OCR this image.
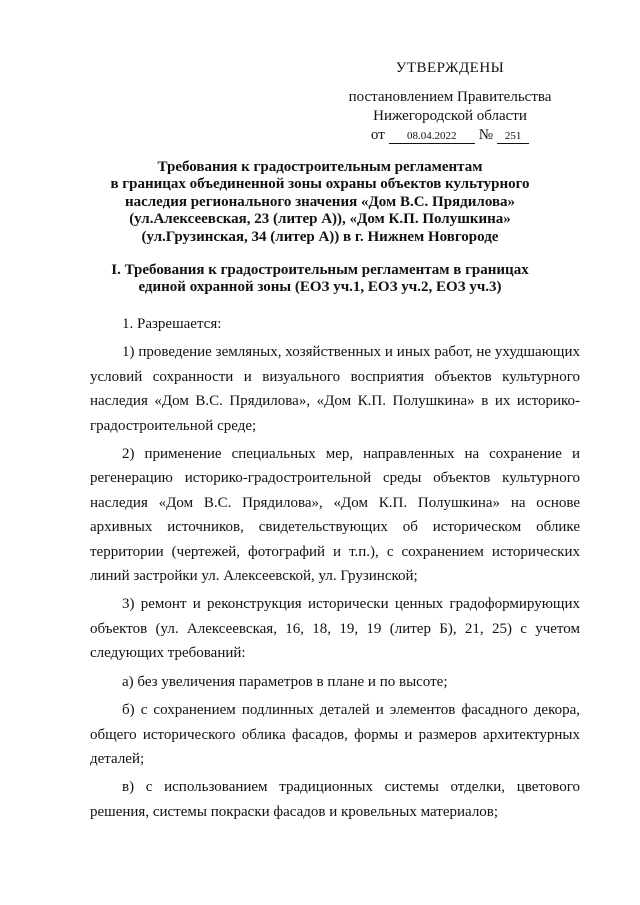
УТВЕРЖДЕНЫ
постановлением Правительства
Нижегородской области
от	08.04.2022	№	251
Требования к градостроительным регламентам
в границах объединенной зоны охраны объектов культурного
наследия регионального значения «Дом В.С. Прядилова»
(ул.Алексеевская, 23 (литер А)), «Дом К.П. Полушкина»
(ул.Грузинская, 34 (литер А)) в г. Нижнем Новгороде
I. Требования к градостроительным регламентам в границах
единой охранной зоны (ЕОЗ уч.1, ЕОЗ уч.2, ЕОЗ уч.3)

1. Разрешается:

1) проведение земляных, хозяйственных и иных работ, не ухудшающих условий сохранности и визуального восприятия объектов культурного наследия «Дом В.С. Прядилова», «Дом К.П. Полушкина» в их историко-градостроительной среде;

2) применение специальных мер, направленных на сохранение и регенерацию историко-градостроительной среды объектов культурного наследия «Дом В.С. Прядилова», «Дом К.П. Полушкина» на основе архивных источников, свидетельствующих об историческом облике территории (чертежей, фотографий и т.п.), с сохранением исторических линий застройки ул. Алексеевской, ул. Грузинской;

3) ремонт и реконструкция исторически ценных градоформирующих объектов (ул. Алексеевская, 16, 18, 19, 19 (литер Б), 21, 25) с учетом следующих требований:

а) без увеличения параметров в плане и по высоте;

б) с сохранением подлинных деталей и элементов фасадного декора, общего исторического облика фасадов, формы и размеров архитектурных деталей;

в) с использованием традиционных системы отделки, цветового решения, системы покраски фасадов и кровельных материалов;
